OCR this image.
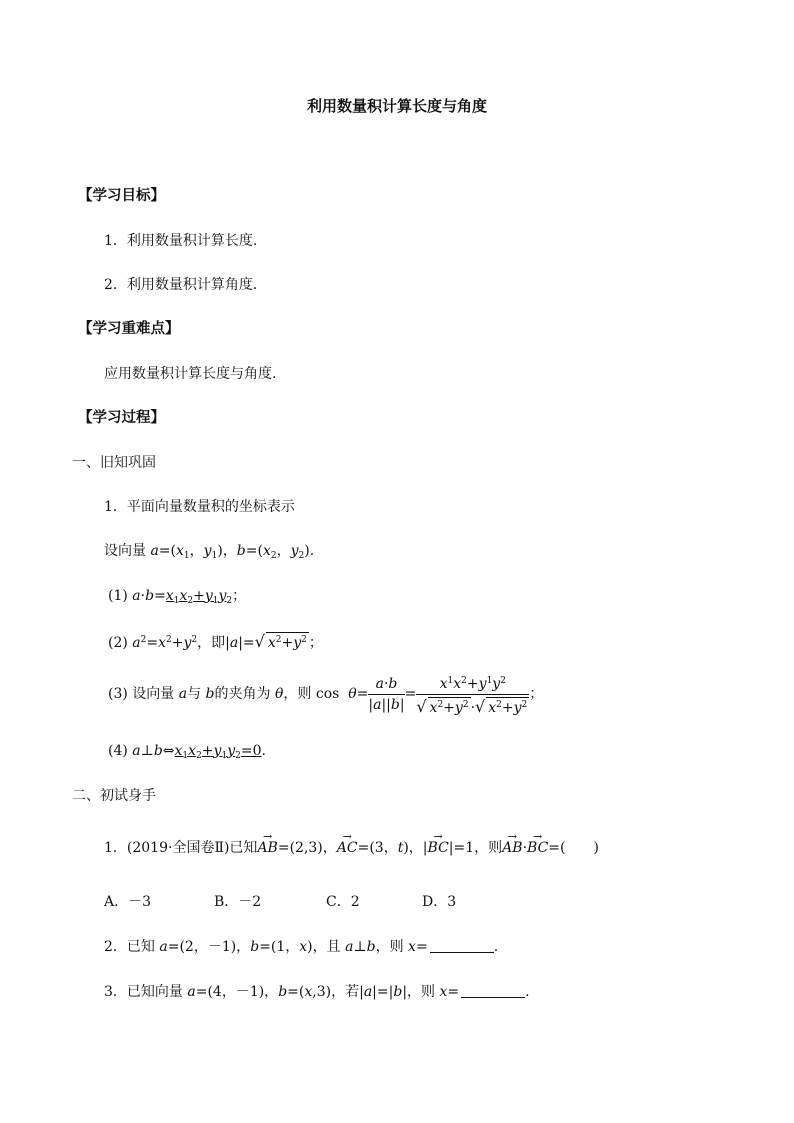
利用数量积计算长度与角度
【学习目标】
1．利用数量积计算长度.
2．利用数量积计算角度.
【学习重难点】
应用数量积计算长度与角度.
【学习过程】
一、旧知巩固
1．平面向量数量积的坐标表示
设向量 $a=(x_1$，$y_1$)，$b=(x_2$，$y_2$).
(1) $a\cdot b=x_1x_2+y_1y_2$；
(2) $a^2=x^2+y^2$，即|a|=√ $x^2+y^2$ ；
(3) 设向量 a与 b的夹角为 θ，则 $\cos \theta= \frac{a\cdot b}{|a||b|} = \frac{x^1x^2+y^1y^2}{√ x^2+y^2 \cdot√ x^2+y^2}$ ；
(4) $a\perp b\Leftrightarrow x_1x_2+y_1y_2=0$.
二、初试身手
1．(2019·全国卷Ⅱ)已知→ AB=(2,3)，→ AC=(3，t)，|→ BC|=1，则→ AB·→ BC=(　　)
A．－3	B．－2	C．2	D．3
2．已知 a=(2，－1)，b=(1，x)，且 a⊥b，则 x=	.
3．已知向量 a=(4，－1)，b=(x,3)，若|a|=|b|，则 x=	.
